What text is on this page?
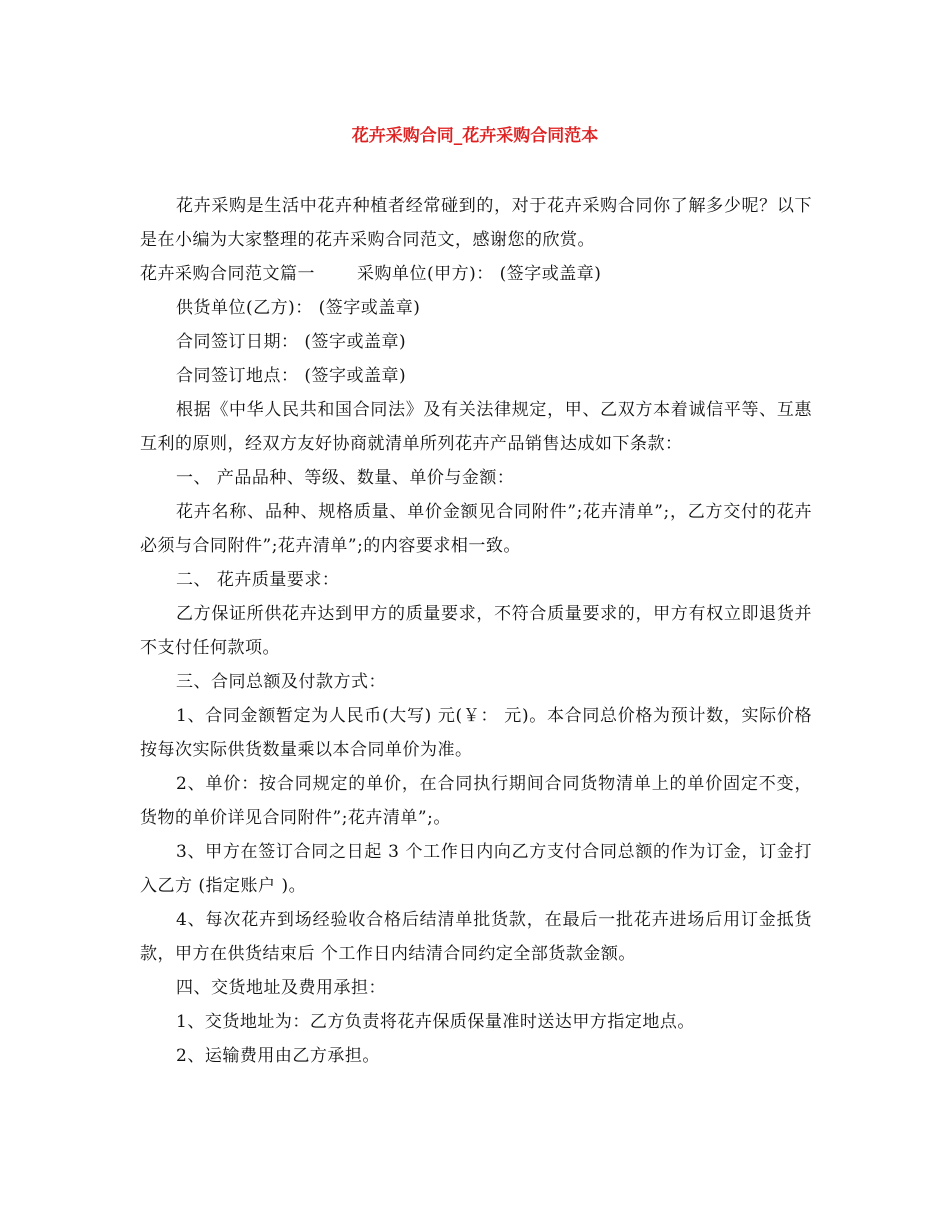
花卉采购合同_花卉采购合同范本

花卉采购是生活中花卉种植者经常碰到的，对于花卉采购合同你了解多少呢？以下是在小编为大家整理的花卉采购合同范文，感谢您的欣赏。

花卉采购合同范文篇一 采购单位(甲方)： (签字或盖章)

供货单位(乙方)： (签字或盖章)

合同签订日期： (签字或盖章)

合同签订地点： (签字或盖章)

根据《中华人民共和国合同法》及有关法律规定，甲、乙双方本着诚信平等、互惠互利的原则，经双方友好协商就清单所列花卉产品销售达成如下条款：

一、 产品品种、等级、数量、单价与金额：

花卉名称、品种、规格质量、单价金额见合同附件”;花卉清单”;，乙方交付的花卉必须与合同附件”;花卉清单”;的内容要求相一致。

二、 花卉质量要求：

乙方保证所供花卉达到甲方的质量要求，不符合质量要求的，甲方有权立即退货并不支付任何款项。

三、合同总额及付款方式：

1、合同金额暂定为人民币(大写) 元(￥： 元)。本合同总价格为预计数，实际价格按每次实际供货数量乘以本合同单价为准。

2、单价：按合同规定的单价，在合同执行期间合同货物清单上的单价固定不变， 货物的单价详见合同附件”;花卉清单”;。

3、甲方在签订合同之日起 3 个工作日内向乙方支付合同总额的作为订金，订金打入乙方 (指定账户 )。

4、每次花卉到场经验收合格后结清单批货款，在最后一批花卉进场后用订金抵货款，甲方在供货结束后 个工作日内结清合同约定全部货款金额。

四、交货地址及费用承担：

1、交货地址为：乙方负责将花卉保质保量准时送达甲方指定地点。

2、运输费用由乙方承担。
